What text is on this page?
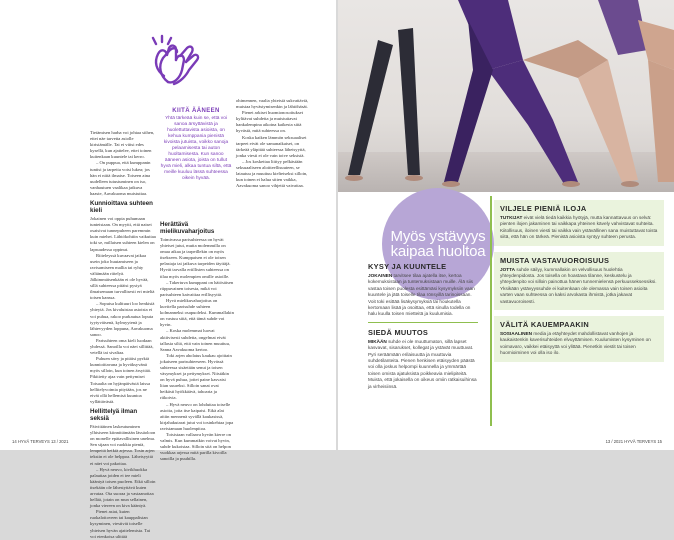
Tietämisen harha voi johtaa siihen, ettei näe tarvetta asiolle kiristämälle. Tai ei viitsi edes kysellä, kun ajattelee, ettei toinen kuitenkaan kuuntele tai kerro.

– On puppua, että kumppanin tuntisi ja tarpeita voisi lukea; jos hän ei niitä ilmaise. Toiseen aina uudelleen tutustuminen on iso, vanhautuen vaalikaa jatkuva haaste, Aavakuoma muistuttaa.

Kunnioittava suhteen kieli

Jokainen voi oppia puhumaan tunteistaan. On myytti, että naiset osaisivat tunnepuheen paremmin kuin miehet. Lähtökohtiin vaikuttaa toki se, millaisen suhteen kielen on lapsuudessa oppinut.

Riiteleyssä kuvaavat jatkaa usein joko huutamiseen ja ravisamiseen mallia tai ryhty vältämään riitelyä. Jälkimmäisenkään ei ole hyvää, sillä suhteessa pitäisi pystyä ilmaisemaan turvallisesti eri mieltä toisen kanssa.

– Sopuisa kulttuuri loo henkisiä yhteytä. Jos kivaluistaa asioista ei voi puhua, rakoo purkautua loputa tyytyväisenä, kylmyytenä ja lähtevyyden loppuna, Aavakuoma sanoo.

Parisuhteen oma kieli luodaan yhdessä. Sanoilla voi näet sillittää, vetellä tai sivaltaa.

Puhuen sävy ja pitäisi pyrkiä kunnioittavana ja hyväksyvänä myös silloin, kun toinen ärsyttää. Pikitietty ajaa vain pettymiset Toisaalta on hyjänpäivästä laissa hellitelyvoimia pitytään, jos ne eivät ollä hellemisä kuuntoa vyllättävästä.

Hellittelyä ilman seksiä

Päivittäinen laskeutuminen ylhisiseen kiinnittämään lässäoloon on monelle epätavallisinen unelma. Sen sijaan voi ruokkia pieniä, lempeitä hetkiä arjessa. Tosin arjen tekstin ei ole helppoa. Läheisyyttä ei näet voi pakottaa.

– Hyvä neuvo, kivikhuokka palauttaa joiden ei tee mieli kääntyä toisen puoleen. Eikä silloin itsekään ole lähestyttävä kuten arvataa. Ota suoraa ja vastaanottaa hellää, jotain on mun sellainen, jonka viereen on kiva kääntyä.

Pienet asiat, kuten ruokaloitoveen tai kauppalistan kysyminen, viestivät toiselle yhteisen hyvän ajattelemista. Tai voi etenkoisa ulittää

KIITÄ ÄÄNEEN
Yhtä tärkeää kuin se, että voi sanoa ärsyttävistä ja huolettuttavista asioista, on kehua kumppania pienistä kivoista jutuista, voikko sanoja pelaamisesta tai auton huoltamisesta. Kun sanoo ääneen asiota, joista on tullut hyvä mieli, alkaa tuntua siltä, että meille kuuluu lässä suhteessa oikein hyvää.
Herättävä mielikuvaharjoitus

Toimivassa parisuhteessa on hyvät yhteiset jutut, mutta molemmilla on omaa aikaa ja tarpeillekin on myös itsekseen. Kumppaisen ei ole toisen pelastaja tai jatkuva tarpeiden täyttäjä. Hyvät tarvalla eriillisten suhteessa on tilaa myös molempien omille asioille.

– Takertuva kumppani on häiösäisen riippuvainen toisesta, mikä voi parisuhteen kaivaittaa erillisyyttä.

Hyvä mielikuvaharjoitus on kuvitella parisuhde suhteen kolmanneksi osapuoleksi. Kummallakin on vastuu siitä, että tämä suhde voi hyvin.

– Koska molemmat luovat aktiivisesti suhdetta, ongelmat eivät tallasia siltä, että vain toinen muuttuu, Sanna Aavakuoma kertoo.

Toki arjen aholatus kaukau ajoittain jokaiseen parisuhteeseen. Hyvässä suhteessa sisäetään senut ja toisen väsymykset ja pettymykset. Niistäkin on hyvä puhua, jottei paine kasvaisi liian suureksi. Silloin sanat ovat heikästi hyökkäävä, tahoaria ja riikoivia.

– Hyvä neuvo on lohduttaa toiselle asioita, joita itse kaipaisi. Eikä alat aitiin mennenä syvällä kaukasissä, kirjahakutarat jutut voi tosinkehtaa jopa ravistamaan huolenpitoa.

Toisistaan vallaava hyvän kierre on valmis. Kun kummatkin voivat hyvin, suhde kukoistaa. Silloin sitä on helpon vuokkaa arjessa mitä parilla kivoilla sanoilla ja puuhilla.

ohimennen, vaalia yhteisiä sukvattäviä, muistaa hyvästymisenkin ja lähtöhäsät.

Pienet arkiset huomionosoitukset kylitävat suhdetta ja muistuttavat hankalempina aikoina kaikesta siitä hyvästä, mitä suhteessa on.

Koska kaiken lämmön seksuaaliset tarpeet eivät ole samanaikaiset, on tärkeää yläpitää suhteessa läheisyyttä, jonka viesti ei ole vain toive seksistä.

– Jos koskettaa liittyy pelkästään seksuaaliseen aloitteellisuuteen, se latautuu ja muuttuu kielteiseksi silloin, kun toinen ei halua sitten vaikka, Aavakuoma sanoo vihjettä vaivattaa.

14 HYVÄ TERVEYS 13 / 2021
Myös ystävyys kaipaa huoltoa
KYSY JA KUUNTELE
JOKAINEN tarvitsee tilaa ajatella itse, kertoa kokemuksistaan ja tuntemuksistaan muille. Älä siis vastaa toisen puolesta esittämäsi kysymyksiin vaan kuuntele ja jätä toiselle tilaa rönsyillä tarinoissaan. Voit toki esittää lisäkysymyksiä tai houkutella kertomaan lisää ja osoittaa, että sinulla todella on halu kuulla toisen mietteitä ja kuulumisia.
SIEDÄ MUUTOS
MIKÄÄN suhde ei ole muuttumaton, sillä lapset kasvavat, sisarukset, kollegat ja ystävät muuttuvat. Pyri seräämään erilaisuutta ja muuttuvia suhdetilanteita. Pienen henkisen etäisyyden päästä voi olla joskus helpompi kuunnella ja ymmärtää toisen omista ajatuksista poikkeavia mielipiteitä. Muista, että jokaisella on oikeus omiin ratkaisuihinsa ja virheisiinsä.
VILJELE PIENIÄ ILOJA
TUTKIJAT eivät vielä tiedä kaikkia hyötyjä, mutta kannattavuus on selvä: pienten ilojen jakaminen tai vaikkapa yhteinen kävely vahvistavat suhteita. Kiitollisuus, iloinen viesti tai vaikka vain ystävällinen sana muistuttavat toista siitä, että hän on tärkeä. Pienistä asioista syntyy suhteen perusta.
MUISTA VASTAVUOROISUUS
JOTTA suhde säilyy, kummallakin on velvollisuus huolehtia yhteydenpidosta. Jos toisella on hoastava tilanne, keskustelu ja yhteydenpito voi silloin painottua hänen tunnemielensä perkuusseksessiksi. Yksikään ystävyyssuhde ei kuitenkaan ole olemassa vain toisen asioita varten vaan suhteessa on kaksi arvokasta ihmistä, jotka jakavat vastavuoroisesti.
VÄLITÄ KAUEMPAAKIN
SOSIAALINEN media ja etäyhteydet mahdollistavat vanhojen ja kaukaistenkin kaverisuhteiden elvuyttämisen. Kuulumisten kysyminen on voimavaro, vaikkei etäisyyttä voi ylittää. Pienetkin viestit tai toisen huomioiminen voi olla iso ilo.
13 / 2021 HYVÄ TERVEYS 15
